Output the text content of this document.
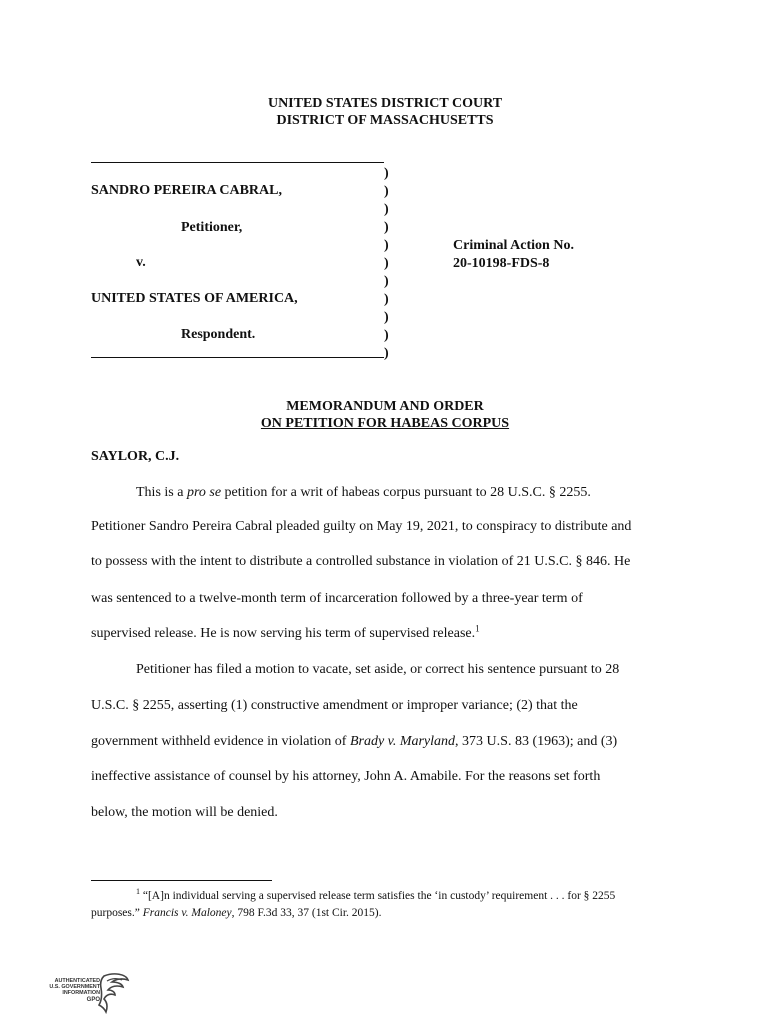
UNITED STATES DISTRICT COURT
DISTRICT OF MASSACHUSETTS
SANDRO PEREIRA CABRAL,
Petitioner,
v.
UNITED STATES OF AMERICA,
Respondent.
)
)
)
)
)
)
)
)
)
)
)
Criminal Action No.
20-10198-FDS-8
MEMORANDUM AND ORDER
ON PETITION FOR HABEAS CORPUS
SAYLOR, C.J.
This is a pro se petition for a writ of habeas corpus pursuant to 28 U.S.C. § 2255.
Petitioner Sandro Pereira Cabral pleaded guilty on May 19, 2021, to conspiracy to distribute and
to possess with the intent to distribute a controlled substance in violation of 21 U.S.C. § 846. He
was sentenced to a twelve-month term of incarceration followed by a three-year term of
supervised release. He is now serving his term of supervised release.$^1$
Petitioner has filed a motion to vacate, set aside, or correct his sentence pursuant to 28
U.S.C. § 2255, asserting (1) constructive amendment or improper variance; (2) that the
government withheld evidence in violation of Brady v. Maryland, 373 U.S. 83 (1963); and (3)
ineffective assistance of counsel by his attorney, John A. Amabile. For the reasons set forth
below, the motion will be denied.
$^1$ “[A]n individual serving a supervised release term satisfies the ‘in custody’ requirement . . . for § 2255
purposes.” Francis v. Maloney, 798 F.3d 33, 37 (1st Cir. 2015).
AUTHENTICATED
U.S. GOVERNMENT
INFORMATION
GPO
